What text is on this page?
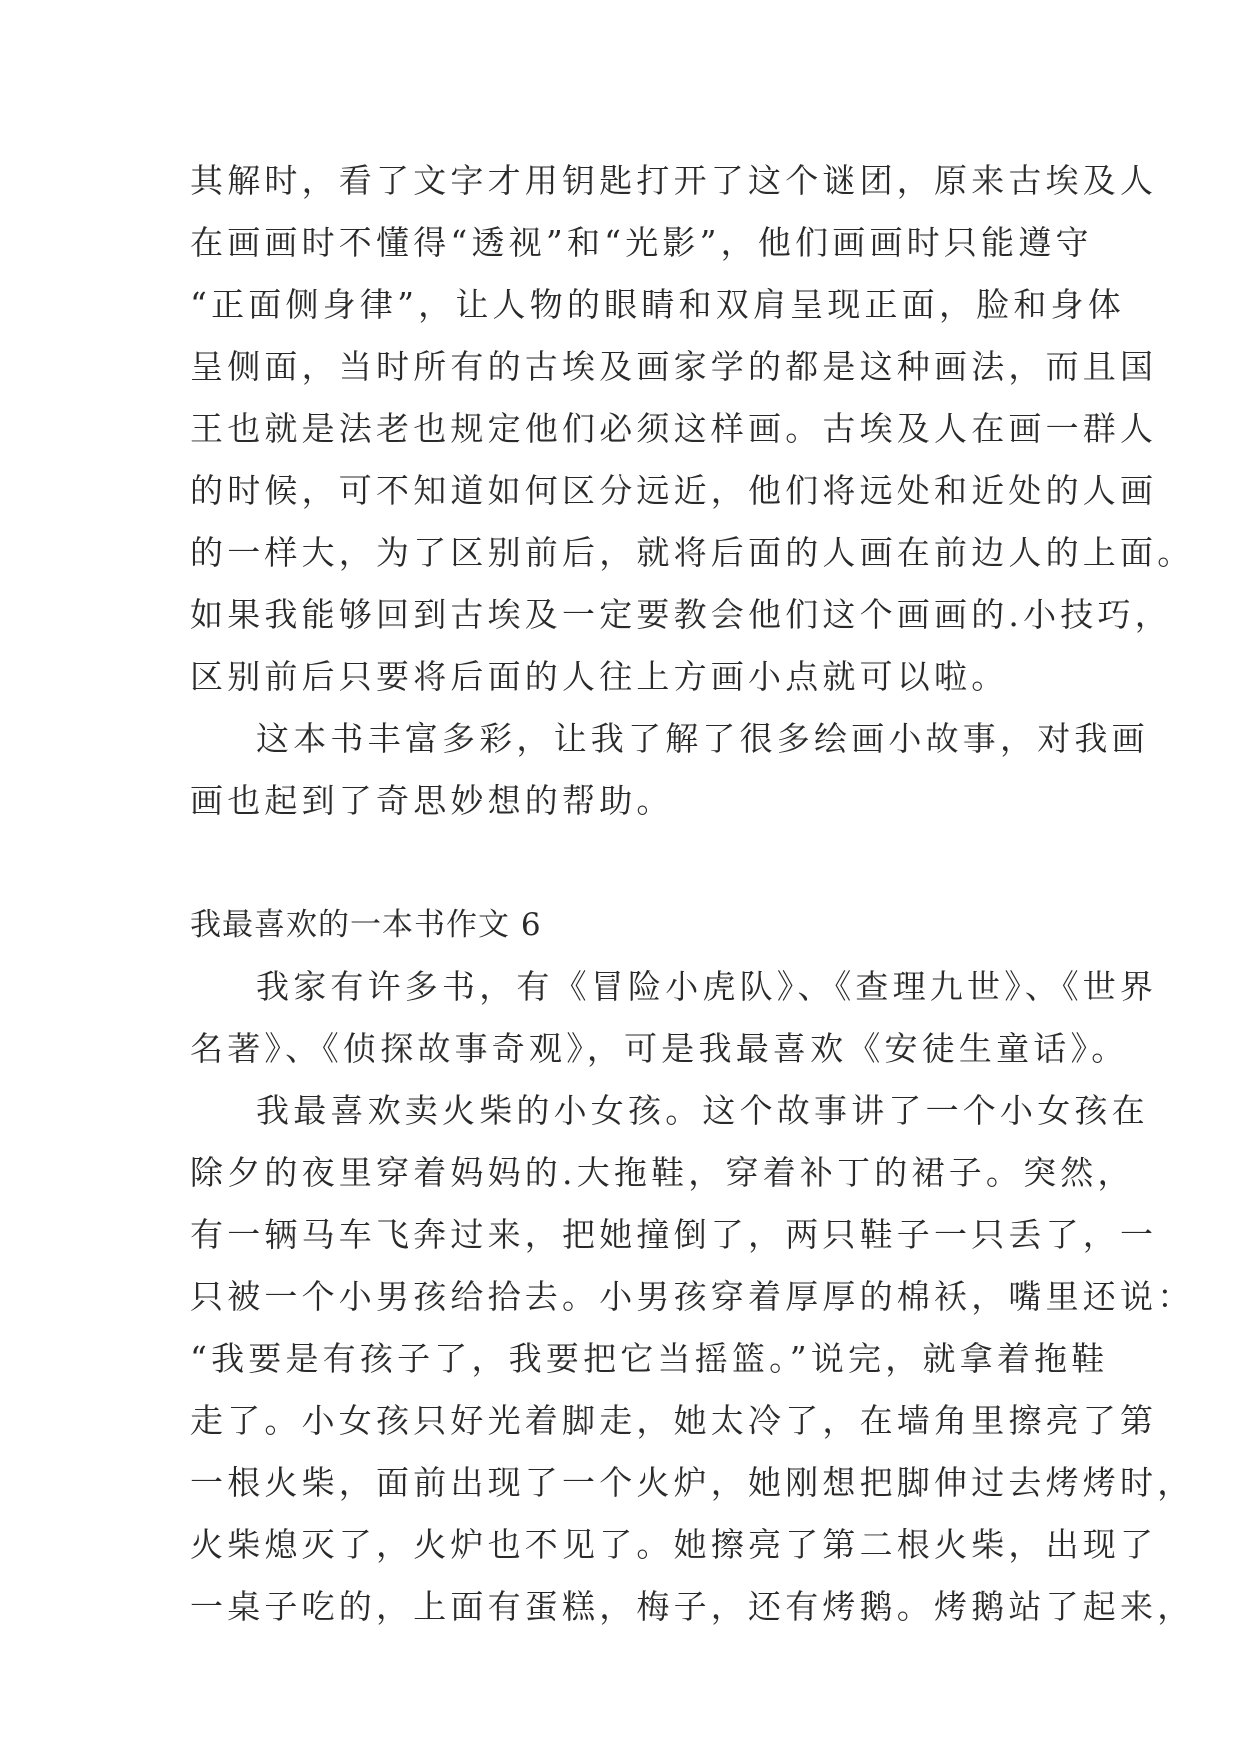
其解时，看了文字才用钥匙打开了这个谜团，原来古埃及人
在画画时不懂得“透视”和“光影”，他们画画时只能遵守
“正面侧身律”，让人物的眼睛和双肩呈现正面，脸和身体
呈侧面，当时所有的古埃及画家学的都是这种画法，而且国
王也就是法老也规定他们必须这样画。古埃及人在画一群人
的时候，可不知道如何区分远近，他们将远处和近处的人画
的一样大，为了区别前后，就将后面的人画在前边人的上面。
如果我能够回到古埃及一定要教会他们这个画画的.小技巧，
区别前后只要将后面的人往上方画小点就可以啦。
这本书丰富多彩，让我了解了很多绘画小故事，对我画
画也起到了奇思妙想的帮助。
我最喜欢的一本书作文 6
我家有许多书，有《冒险小虎队》、《查理九世》、《世界
名著》、《侦探故事奇观》，可是我最喜欢《安徒生童话》。
我最喜欢卖火柴的小女孩。这个故事讲了一个小女孩在
除夕的夜里穿着妈妈的.大拖鞋，穿着补丁的裙子。突然，
有一辆马车飞奔过来，把她撞倒了，两只鞋子一只丢了，一
只被一个小男孩给拾去。小男孩穿着厚厚的棉袄，嘴里还说：
“我要是有孩子了，我要把它当摇篮。”说完，就拿着拖鞋
走了。小女孩只好光着脚走，她太冷了，在墙角里擦亮了第
一根火柴，面前出现了一个火炉，她刚想把脚伸过去烤烤时，
火柴熄灭了，火炉也不见了。她擦亮了第二根火柴，出现了
一桌子吃的，上面有蛋糕，梅子，还有烤鹅。烤鹅站了起来，
